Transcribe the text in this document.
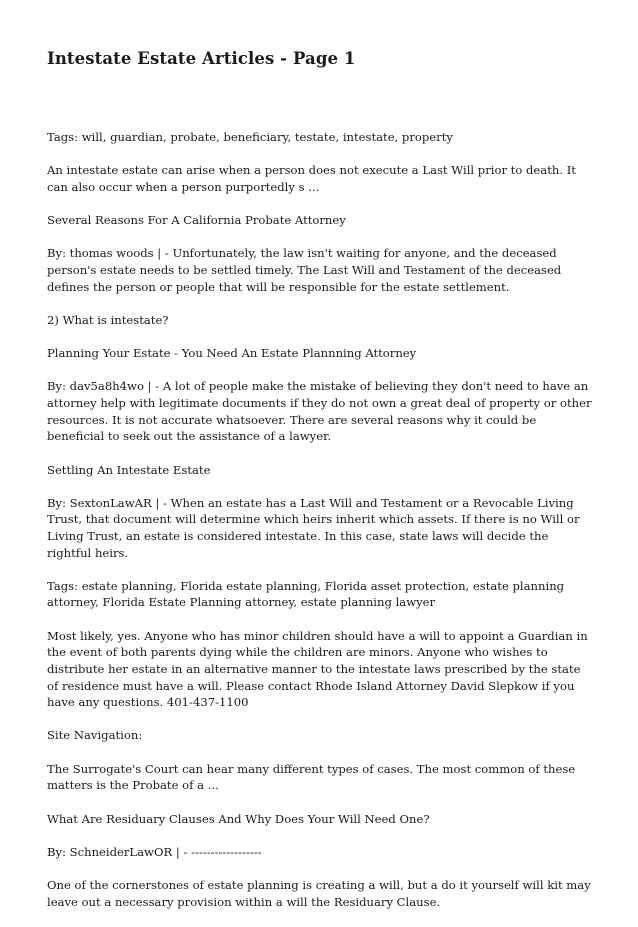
Intestate Estate Articles - Page 1

Tags: will, guardian, probate, beneficiary, testate, intestate, property

An intestate estate can arise when a person does not execute a Last Will prior to death. It can also occur when a person purportedly s ...

Several Reasons For A California Probate Attorney

By: thomas woods | - Unfortunately, the law isn't waiting for anyone, and the deceased person's estate needs to be settled timely. The Last Will and Testament of the deceased defines the person or people that will be responsible for the estate settlement.

2) What is intestate?

Planning Your Estate - You Need An Estate Plannning Attorney

By: dav5a8h4wo | - A lot of people make the mistake of believing they don't need to have an attorney help with legitimate documents if they do not own a great deal of property or other resources. It is not accurate whatsoever. There are several reasons why it could be beneficial to seek out the assistance of a lawyer.

Settling An Intestate Estate

By: SextonLawAR | - When an estate has a Last Will and Testament or a Revocable Living Trust, that document will determine which heirs inherit which assets. If there is no Will or Living Trust, an estate is considered intestate. In this case, state laws will decide the rightful heirs.

Tags: estate planning, Florida estate planning, Florida asset protection, estate planning attorney, Florida Estate Planning attorney, estate planning lawyer

Most likely, yes. Anyone who has minor children should have a will to appoint a Guardian in the event of both parents dying while the children are minors. Anyone who wishes to distribute her estate in an alternative manner to the intestate laws prescribed by the state of residence must have a will. Please contact Rhode Island Attorney David Slepkow if you have any questions. 401-437-1100

Site Navigation:

The Surrogate's Court can hear many different types of cases. The most common of these matters is the Probate of a ...

What Are Residuary Clauses And Why Does Your Will Need One?

By: SchneiderLawOR | - ------------------

One of the cornerstones of estate planning is creating a will, but a do it yourself will kit may leave out a necessary provision within a will the Residuary Clause.
